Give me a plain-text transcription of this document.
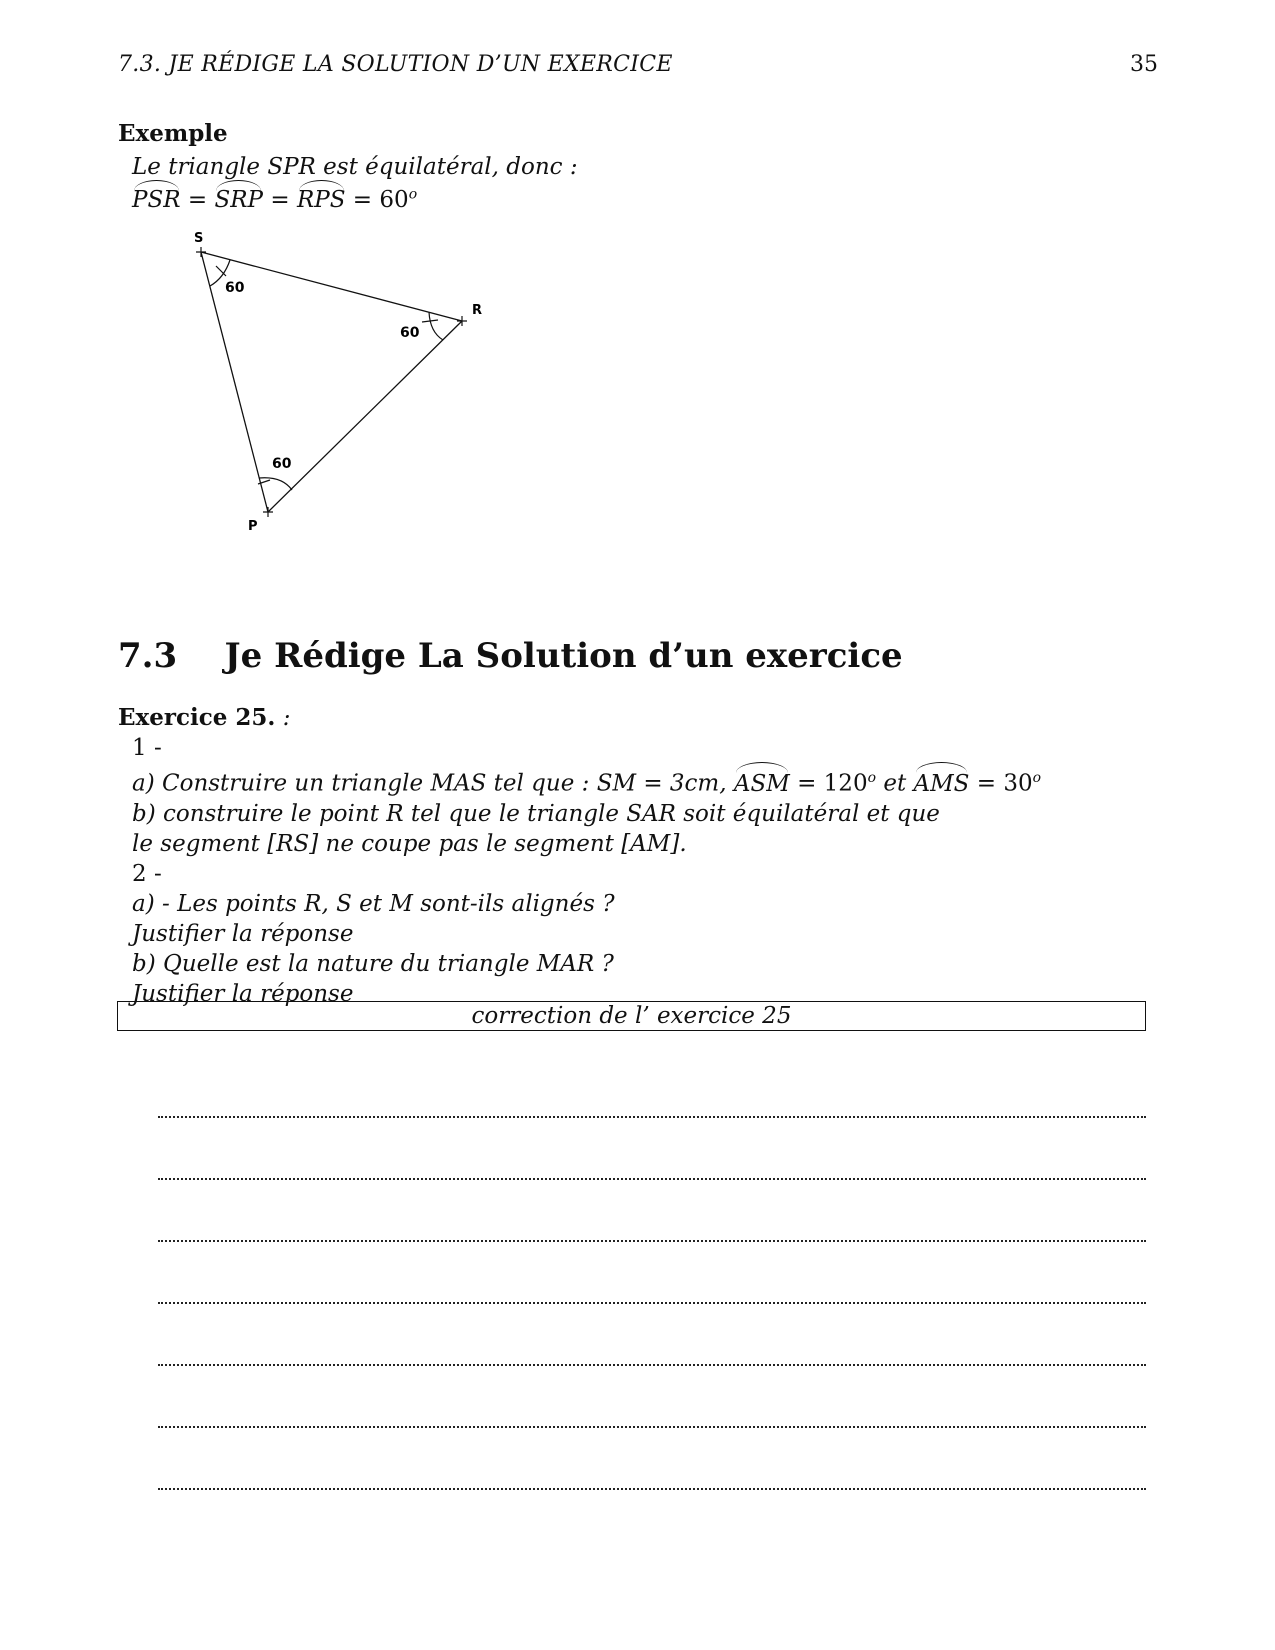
7.3. JE RÉDIGE LA SOLUTION D’UN EXERCICE	35
Exemple
Le triangle SPR est équilatéral, donc :
PSR = SRP = RPS = $60^o$
S
R
P
60
60
60
7.3 Je Rédige La Solution d’un exercice
Exercice 25. :
1 -
a) Construire un triangle MAS tel que : SM = 3cm, ASM = $120^o$ et AMS = $30^o$
b) construire le point R tel que le triangle SAR soit équilatéral et que
le segment [RS] ne coupe pas le segment [AM].
2 -
a) - Les points R, S et M sont-ils alignés ?
Justifier la réponse
b) Quelle est la nature du triangle MAR ?
Justifier la réponse
correction de l’ exercice 25
